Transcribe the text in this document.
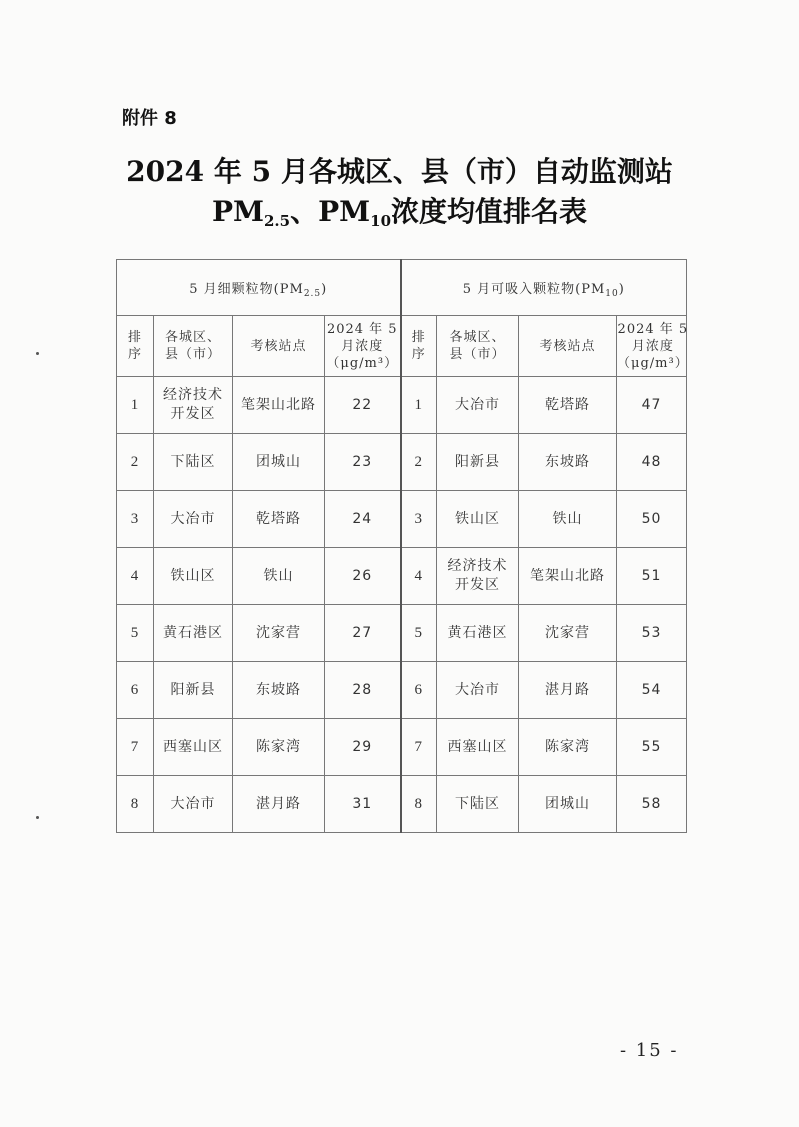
附件 8
2024 年 5 月各城区、县（市）自动监测站
$PM_{2.5}$、$PM_{10}$浓度均值排名表
5 月细颗粒物$(PM_{2.5})$				5 月可吸入颗粒物$(PM_{10})$			
排
序	各城区、
县（市）	考核站点	2024 年 5
月浓度
（μg/m³）	排
序	各城区、
县（市）	考核站点	2024 年 5
月浓度
（μg/m³）
1	经济技术
开发区	笔架山北路	22	1	大冶市	乾塔路	47
2	下陆区	团城山	23	2	阳新县	东坡路	48
3	大冶市	乾塔路	24	3	铁山区	铁山	50
4	铁山区	铁山	26	4	经济技术
开发区	笔架山北路	51
5	黄石港区	沈家营	27	5	黄石港区	沈家营	53
6	阳新县	东坡路	28	6	大冶市	湛月路	54
7	西塞山区	陈家湾	29	7	西塞山区	陈家湾	55
8	大冶市	湛月路	31	8	下陆区	团城山	58
- 15 -
